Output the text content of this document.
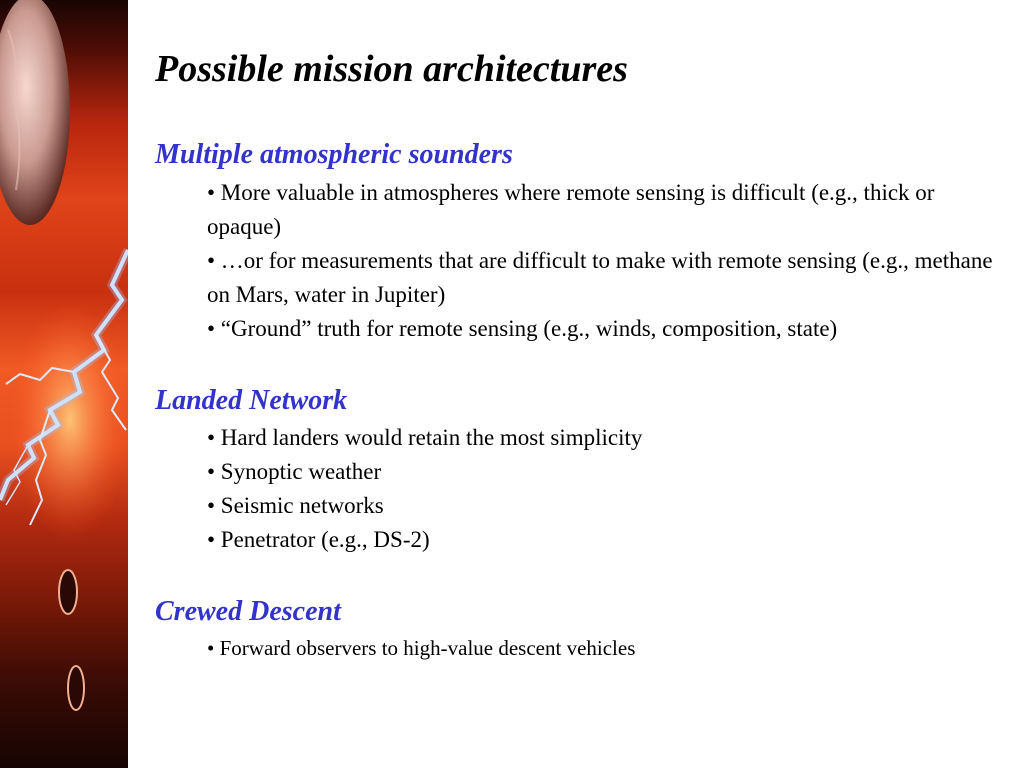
Possible mission architectures
Multiple atmospheric sounders
• More valuable in atmospheres where remote sensing is difficult (e.g., thick or opaque)
• …or for measurements that are difficult to make with remote sensing (e.g., methane on Mars, water in Jupiter)
• “Ground” truth for remote sensing (e.g., winds, composition, state)
Landed Network
• Hard landers would retain the most simplicity
• Synoptic weather
• Seismic networks
• Penetrator (e.g., DS-2)
Crewed Descent
• Forward observers to high-value descent vehicles
